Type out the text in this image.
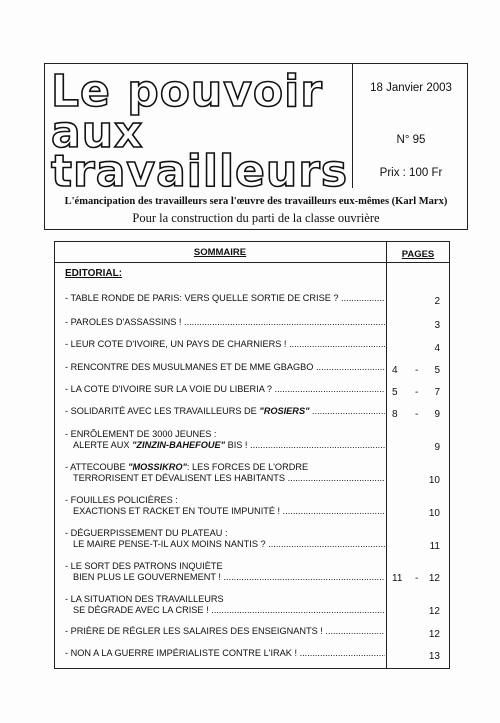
Le pouvoir
aux
travailleurs
18 Janvier 2003
N° 95
Prix : 100 Fr
L'émancipation des travailleurs sera l'œuvre des travailleurs eux-mêmes (Karl Marx)
Pour la construction du parti de la classe ouvrière
SOMMAIRE	PAGES
EDITORIAL:
- TABLE RONDE DE PARIS: VERS QUELLE SORTIE DE CRISE ? .....	2
- PAROLES D'ASSASSINS ! .....	3
- LEUR COTE D'IVOIRE, UN PAYS DE CHARNIERS ! .....	4
- RENCONTRE DES MUSULMANES ET DE MME GBAGBO .....	4 - 5
- LA COTE D'IVOIRE SUR LA VOIE DU LIBERIA ? .....	5 - 7
- SOLIDARITÉ AVEC LES TRAVAILLEURS DE "ROSIERS" .....	8 - 9
- ENRÔLEMENT DE 3000 JEUNES :
ALERTE AUX "ZINZIN-BAHEFOUE" BIS ! .....	9
- ATTECOUBE "MOSSIKRO": LES FORCES DE L'ORDRE
TERRORISENT ET DÉVALISENT LES HABITANTS .....	10
- FOUILLES POLICIÈRES :
EXACTIONS ET RACKET EN TOUTE IMPUNITÉ ! .....	10
- DÉGUERPISSEMENT DU PLATEAU :
LE MAIRE PENSE-T-IL AUX MOINS NANTIS ? .....	11
- LE SORT DES PATRONS INQUIÈTE
BIEN PLUS LE GOUVERNEMENT ! .....	11 - 12
- LA SITUATION DES TRAVAILLEURS
SE DÉGRADE AVEC LA CRISE ! .....	12
- PRIÈRE DE RÉGLER LES SALAIRES DES ENSEIGNANTS ! .....	12
- NON A LA GUERRE IMPÉRIALISTE CONTRE L'IRAK ! .....	13
